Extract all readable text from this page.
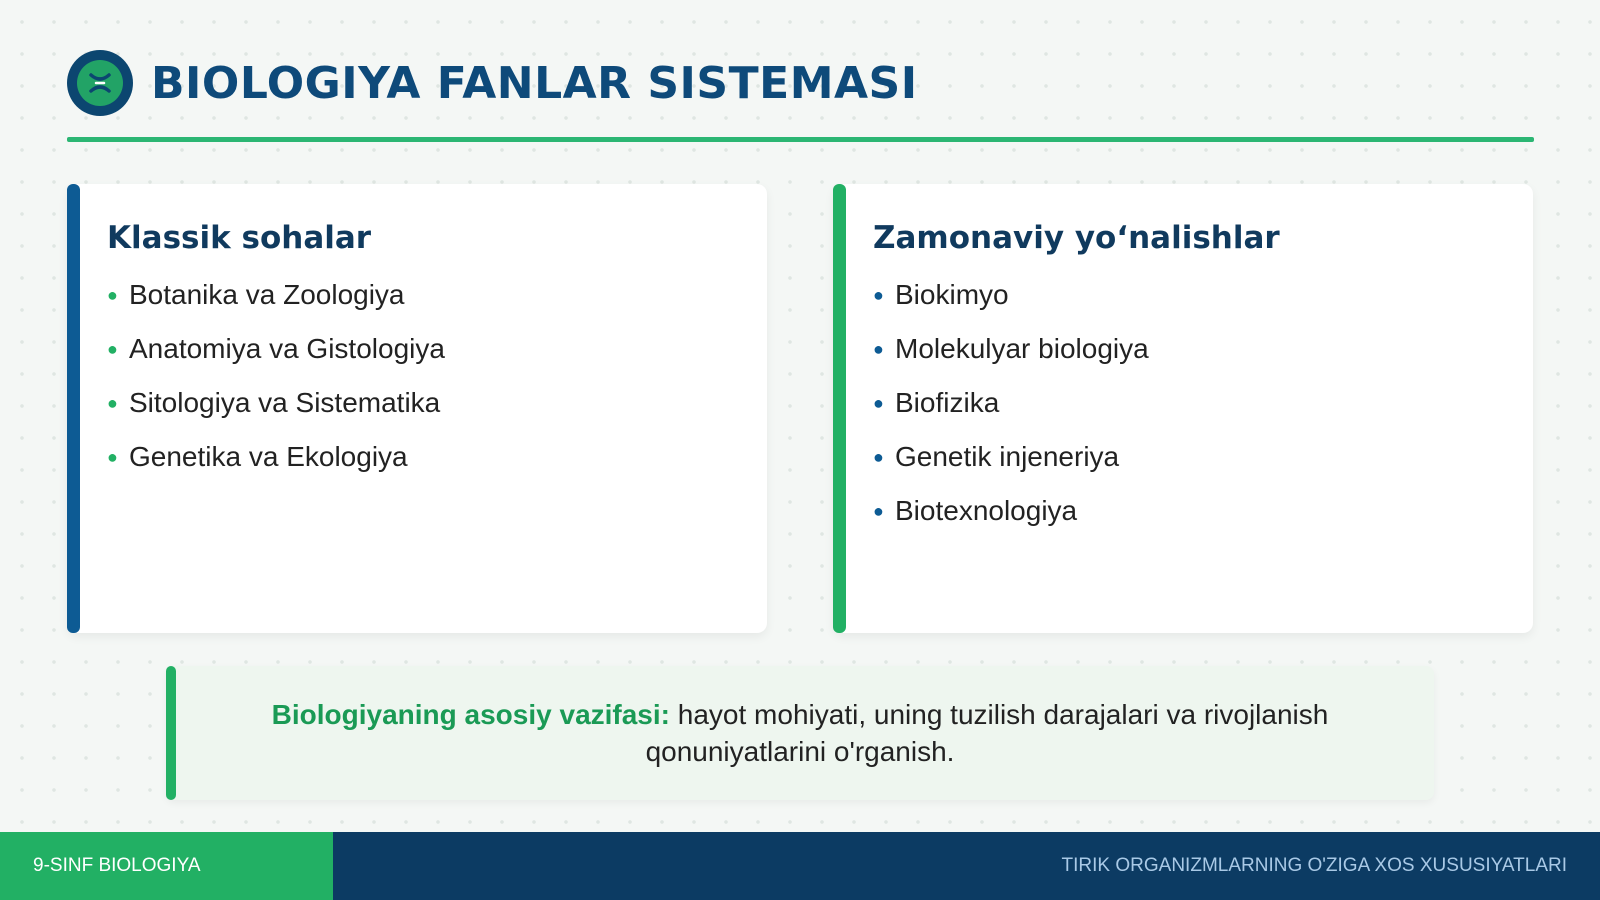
BIOLOGIYA FANLAR SISTEMASI
Klassik sohalar
● Botanika va Zoologiya
● Anatomiya va Gistologiya
● Sitologiya va Sistematika
● Genetika va Ekologiya
Zamonaviy yo‘nalishlar
● Biokimyo
● Molekulyar biologiya
● Biofizika
● Genetik injeneriya
● Biotexnologiya

Biologiyaning asosiy vazifasi: hayot mohiyati, uning tuzilish darajalari va rivojlanish qonuniyatlarini o'rganish.

9-SINF BIOLOGIYA	TIRIK ORGANIZMLARNING O'ZIGA XOS XUSUSIYATLARI
